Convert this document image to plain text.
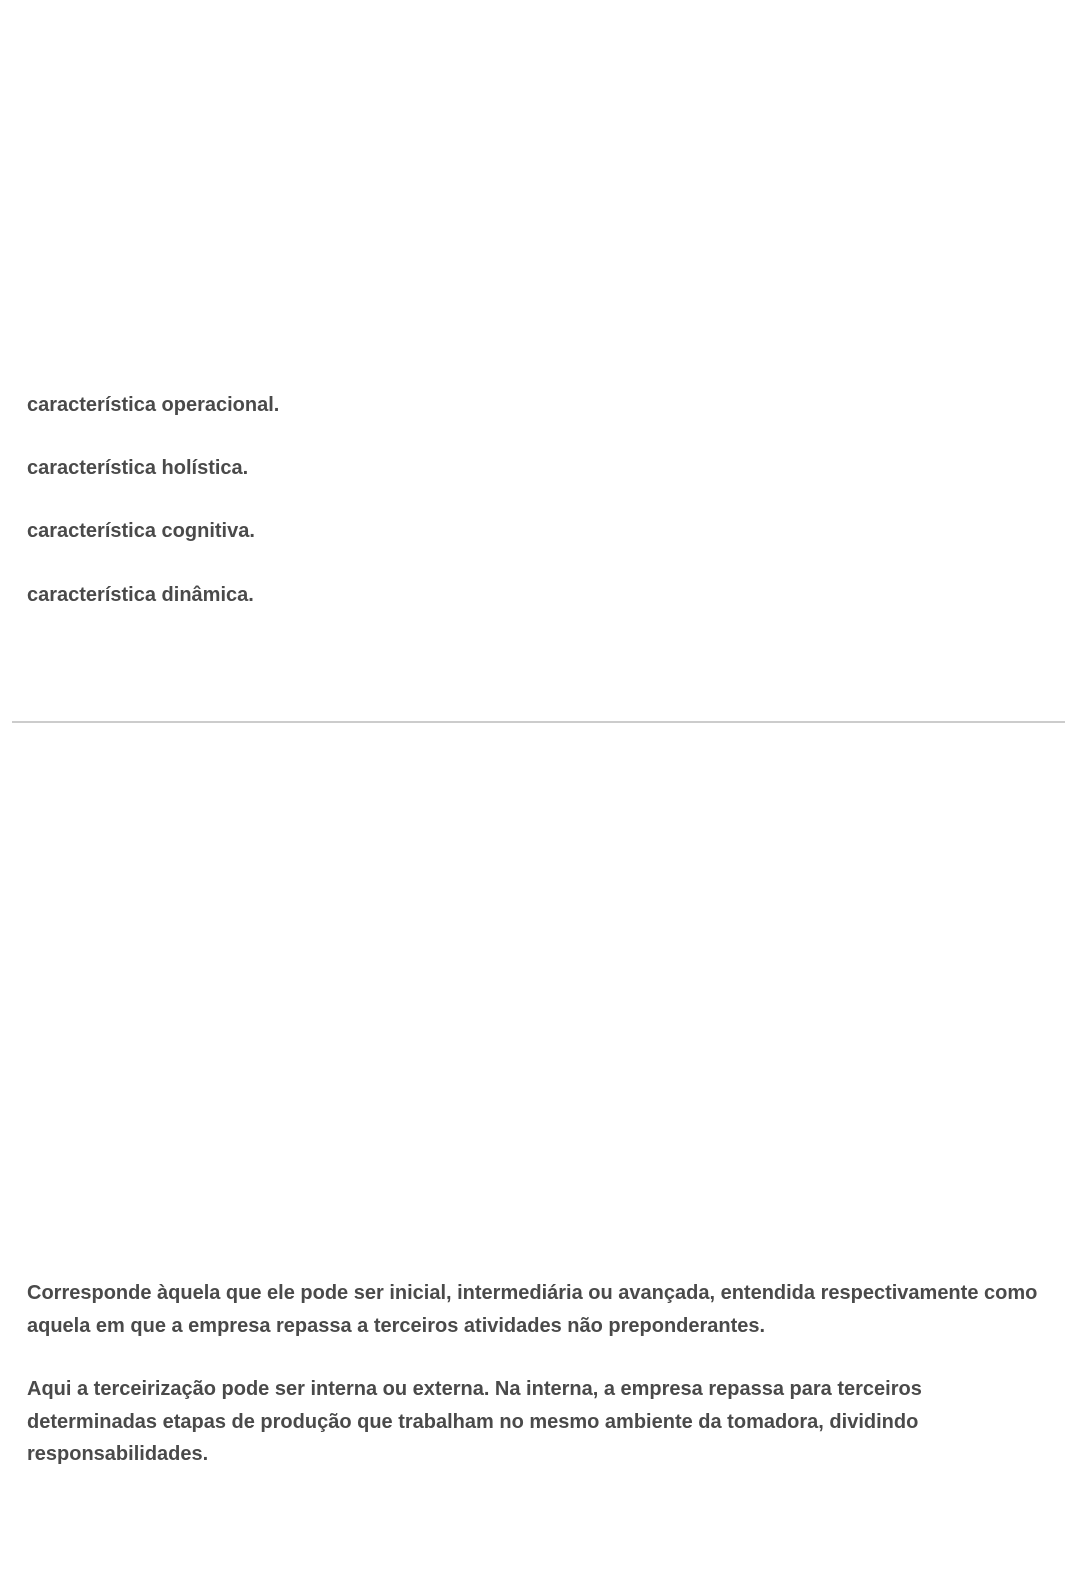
característica operacional.

característica holística.

característica cognitiva.

característica dinâmica.

Corresponde àquela que ele pode ser inicial, intermediária ou avançada, entendida respectivamente como aquela em que a empresa repassa a terceiros atividades não preponderantes.

Aqui a terceirização pode ser interna ou externa. Na interna, a empresa repassa para terceiros determinadas etapas de produção que trabalham no mesmo ambiente da tomadora, dividindo responsabilidades.
